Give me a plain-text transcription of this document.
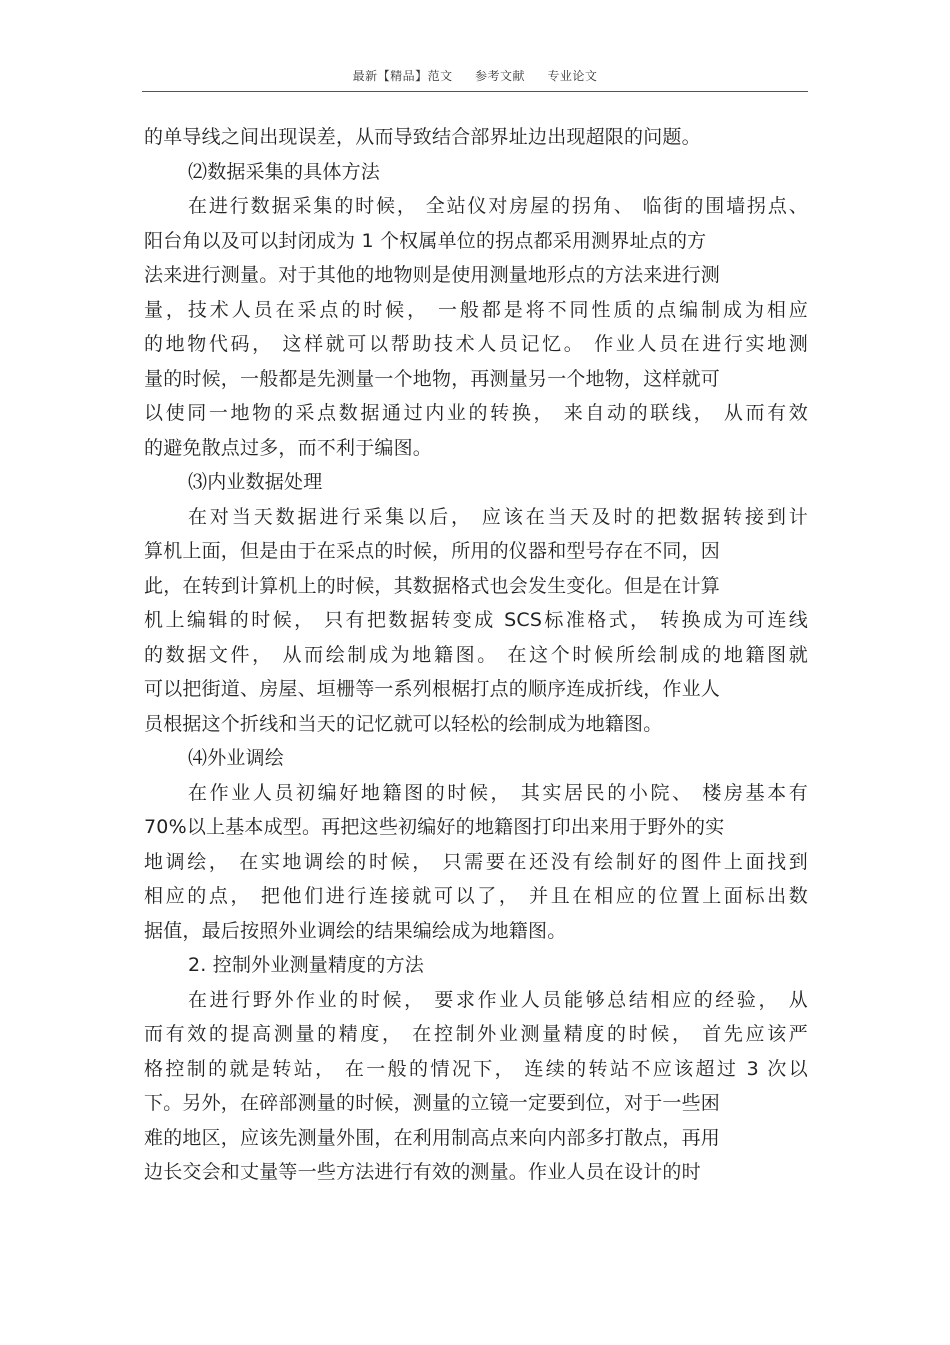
最新【精品】范文 参考文献 专业论文
的单导线之间出现误差，从而导致结合部界址边出现超限的问题。
⑵数据采集的具体方法
在进行数据采集的时候， 全站仪对房屋的拐角、 临街的围墙拐点、
阳台角以及可以封闭成为 1 个权属单位的拐点都采用测界址点的方
法来进行测量。对于其他的地物则是使用测量地形点的方法来进行测
量，技术人员在采点的时候， 一般都是将不同性质的点编制成为相应
的地物代码， 这样就可以帮助技术人员记忆。 作业人员在进行实地测
量的时候，一般都是先测量一个地物，再测量另一个地物，这样就可
以使同一地物的采点数据通过内业的转换， 来自动的联线， 从而有效
的避免散点过多，而不利于编图。
⑶内业数据处理
在对当天数据进行采集以后， 应该在当天及时的把数据转接到计
算机上面，但是由于在采点的时候，所用的仪器和型号存在不同，因
此，在转到计算机上的时候，其数据格式也会发生变化。但是在计算
机上编辑的时候， 只有把数据转变成 SCS标准格式， 转换成为可连线
的数据文件， 从而绘制成为地籍图。 在这个时候所绘制成的地籍图就
可以把街道、房屋、垣栅等一系列根椐打点的顺序连成折线，作业人
员根据这个折线和当天的记忆就可以轻松的绘制成为地籍图。
⑷外业调绘
在作业人员初编好地籍图的时候， 其实居民的小院、 楼房基本有
70%以上基本成型。再把这些初编好的地籍图打印出来用于野外的实
地调绘， 在实地调绘的时候， 只需要在还没有绘制好的图件上面找到
相应的点， 把他们进行连接就可以了， 并且在相应的位置上面标出数
据值，最后按照外业调绘的结果编绘成为地籍图。
2. 控制外业测量精度的方法
在进行野外作业的时候， 要求作业人员能够总结相应的经验， 从
而有效的提高测量的精度， 在控制外业测量精度的时候， 首先应该严
格控制的就是转站， 在一般的情况下， 连续的转站不应该超过 3 次以
下。另外，在碎部测量的时候，测量的立镜一定要到位，对于一些困
难的地区，应该先测量外围，在利用制高点来向内部多打散点，再用
边长交会和丈量等一些方法进行有效的测量。作业人员在设计的时
